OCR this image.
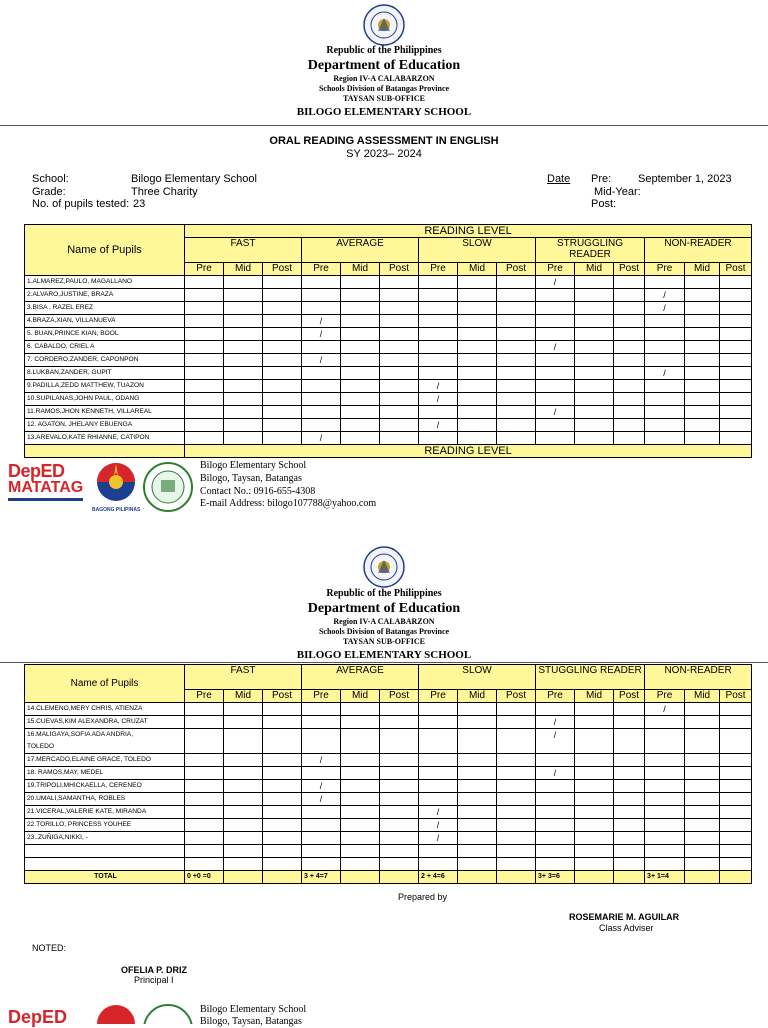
Republic of the Philippines
Department of Education
Region IV-A CALABARZON
Schools Division of Batangas Province
TAYSAN SUB-OFFICE
BILOGO ELEMENTARY SCHOOL
ORAL READING ASSESSMENT IN ENGLISH
SY 2023– 2024
School:	Bilogo Elementary School
Grade:	Three Charity
No. of pupils tested: 23
Date Pre: September 1, 2023
Mid-Year:
Post:
Name of Pupils	READING LEVEL														
	FAST			AVERAGE			SLOW			STRUGGLING READER			NON-READER		
	Pre	Mid	Post	Pre	Mid	Post	Pre	Mid	Post	Pre	Mid	Post	Pre	Mid	Post
1.ALMAREZ,PAULO, MAGALLANO										/					
2.ALVARO,JUSTINE, BRAZA													/		
3.BISA , RAZEL EREZ													/		
4.BRAZA,XIAN, VILLANUEVA				/											
5. BUAN,PRINCE KIAN, BOOL				/											
6. CABALDO, CRIEL A										/					
7. CORDERO,ZANDER, CAPONPON				/											
8.LUKBAN,ZANDER, GUPIT													/		
9.PADILLA,ZEDD MATTHEW, TUAZON							/								
10.SUPILANAS,JOHN PAUL, ODANG							/								
11.RAMOS,JHON KENNETH, VILLAREAL										/					
12. AGATON, JHELANY EBUENGA							/								
13.AREVALO,KATE RHIANNE, CATIPON				/											
	READING LEVEL														
DepED
MATATAG
BAGONG PILIPINAS
Bilogo Elementary School
Bilogo, Taysan, Batangas
Contact No.: 0916-655-4308
E-mail Address: bilogo107788@yahoo.com
Republic of the Philippines
Department of Education
Region IV-A CALABARZON
Schools Division of Batangas Province
TAYSAN SUB-OFFICE
BILOGO ELEMENTARY SCHOOL
Name of Pupils	FAST			AVERAGE			SLOW			STUGGLING READER			NON-READER		
	Pre	Mid	Post	Pre	Mid	Post	Pre	Mid	Post	Pre	Mid	Post	Pre	Mid	Post
14.CLEMENO,MERY CHRIS, ATIENZA													/		
15.CUEVAS,KIM ALEXANDRA, CRUZAT										/					

16.MALIGAYA,SOFIA ADA ANDRIA,
TOLEDO										/					
17.MERCADO,ELAINE GRACE, TOLEDO				/											
18. RAMOS,MAY, MEDEL										/					
19.TRIPOLI,MHICKAELLA, CERENEO				/											
20.UMALI,SAMANTHA, ROBLES				/											
21.VICERAL,VALERIE KATE, MIRANDA							/								
22.TORILLO, PRINCESS YOUHEE							/								
23..ZUÑIGA,NIKKI, -							/								

TOTAL	0 +0 =0			3 + 4=7			2 + 4=6			3+ 3=6			3+ 1=4		
Prepared by
ROSEMARIE M. AGUILAR
Class Adviser
NOTED:
OFELIA P. DRIZ
Principal I
DepED	Bilogo Elementary School
Bilogo, Taysan, Batangas
